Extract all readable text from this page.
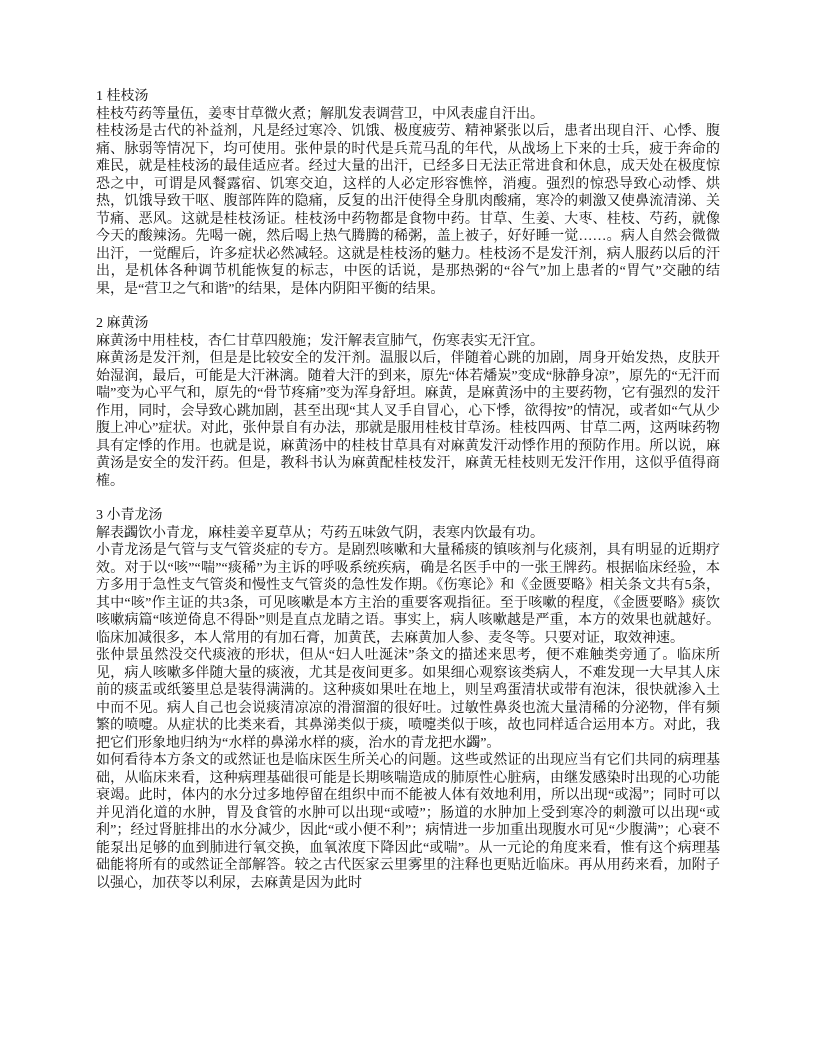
1 桂枝汤

桂枝芍药等量伍，姜枣甘草微火煮；解肌发表调营卫，中风表虚自汗出。

桂枝汤是古代的补益剂，凡是经过寒冷、饥饿、极度疲劳、精神紧张以后，患者出现自汗、心悸、腹痛、脉弱等情况下，均可使用。张仲景的时代是兵荒马乱的年代，从战场上下来的士兵，疲于奔命的难民，就是桂枝汤的最佳适应者。经过大量的出汗，已经多日无法正常进食和休息，成天处在极度惊恐之中，可谓是风餐露宿、饥寒交迫，这样的人必定形容憔悴，消瘦。强烈的惊恐导致心动悸、烘热，饥饿导致干呕、腹部阵阵的隐痛，反复的出汗使得全身肌肉酸痛，寒冷的刺激又使鼻流清涕、关节痛、恶风。这就是桂枝汤证。桂枝汤中药物都是食物中药。甘草、生姜、大枣、桂枝、芍药，就像今天的酸辣汤。先喝一碗，然后喝上热气腾腾的稀粥，盖上被子，好好睡一觉……。病人自然会微微出汗，一觉醒后，许多症状必然减轻。这就是桂枝汤的魅力。桂枝汤不是发汗剂，病人服药以后的汗出，是机体各种调节机能恢复的标志，中医的话说，是那热粥的“谷气”加上患者的“胃气”交融的结果，是“营卫之气和谐”的结果，是体内阴阳平衡的结果。

2 麻黄汤

麻黄汤中用桂枝，杏仁甘草四般施；发汗解表宣肺气，伤寒表实无汗宜。

麻黄汤是发汗剂，但是是比较安全的发汗剂。温服以后，伴随着心跳的加剧，周身开始发热，皮肤开始湿润，最后，可能是大汗淋漓。随着大汗的到来，原先“体若燔炭”变成“脉静身凉”，原先的“无汗而喘”变为心平气和，原先的“骨节疼痛”变为浑身舒坦。麻黄，是麻黄汤中的主要药物，它有强烈的发汗作用，同时，会导致心跳加剧，甚至出现“其人叉手自冒心，心下悸，欲得按”的情况，或者如“气从少腹上冲心”症状。对此，张仲景自有办法，那就是服用桂枝甘草汤。桂枝四两、甘草二两，这两味药物具有定悸的作用。也就是说，麻黄汤中的桂枝甘草具有对麻黄发汗动悸作用的预防作用。所以说，麻黄汤是安全的发汗药。但是，教科书认为麻黄配桂枝发汗，麻黄无桂枝则无发汗作用，这似乎值得商榷。

3 小青龙汤

解表蠲饮小青龙，麻桂姜辛夏草从；芍药五味敛气阴，表寒内饮最有功。

小青龙汤是气管与支气管炎症的专方。是剧烈咳嗽和大量稀痰的镇咳剂与化痰剂，具有明显的近期疗效。对于以“咳”“喘”“痰稀”为主诉的呼吸系统疾病，确是名医手中的一张王牌药。根据临床经验，本方多用于急性支气管炎和慢性支气管炎的急性发作期。《伤寒论》和《金匮要略》相关条文共有5条，其中“咳”作主证的共3条，可见咳嗽是本方主治的重要客观指征。至于咳嗽的程度，《金匮要略》痰饮咳嗽病篇“咳逆倚息不得卧”则是直点龙睛之语。事实上，病人咳嗽越是严重，本方的效果也就越好。临床加减很多，本人常用的有加石膏，加黄芪，去麻黄加人参、麦冬等。只要对证，取效神速。

张仲景虽然没交代痰液的形状，但从“妇人吐涎沫”条文的描述来思考，便不难触类旁通了。临床所见，病人咳嗽多伴随大量的痰液，尤其是夜间更多。如果细心观察该类病人，不难发现一大早其人床前的痰盂或纸篓里总是装得满满的。这种痰如果吐在地上，则呈鸡蛋清状或带有泡沫，很快就渗入土中而不见。病人自己也会说痰清凉凉的滑溜溜的很好吐。过敏性鼻炎也流大量清稀的分泌物，伴有频繁的喷嚏。从症状的比类来看，其鼻涕类似于痰，喷嚏类似于咳，故也同样适合运用本方。对此，我把它们形象地归纳为“水样的鼻涕水样的痰，治水的青龙把水蠲”。

如何看待本方条文的或然证也是临床医生所关心的问题。这些或然证的出现应当有它们共同的病理基础，从临床来看，这种病理基础很可能是长期咳喘造成的肺原性心脏病，由继发感染时出现的心功能衰竭。此时，体内的水分过多地停留在组织中而不能被人体有效地利用，所以出现“或渴”；同时可以并见消化道的水肿，胃及食管的水肿可以出现“或噎”；肠道的水肿加上受到寒冷的刺激可以出现“或利”；经过肾脏排出的水分减少，因此“或小便不利”；病情进一步加重出现腹水可见“少腹满”；心衰不能泵出足够的血到肺进行氧交换，血氧浓度下降因此“或喘”。从一元论的角度来看，惟有这个病理基础能将所有的或然证全部解答。较之古代医家云里雾里的注释也更贴近临床。再从用药来看，加附子以强心，加茯苓以利尿，去麻黄是因为此时
